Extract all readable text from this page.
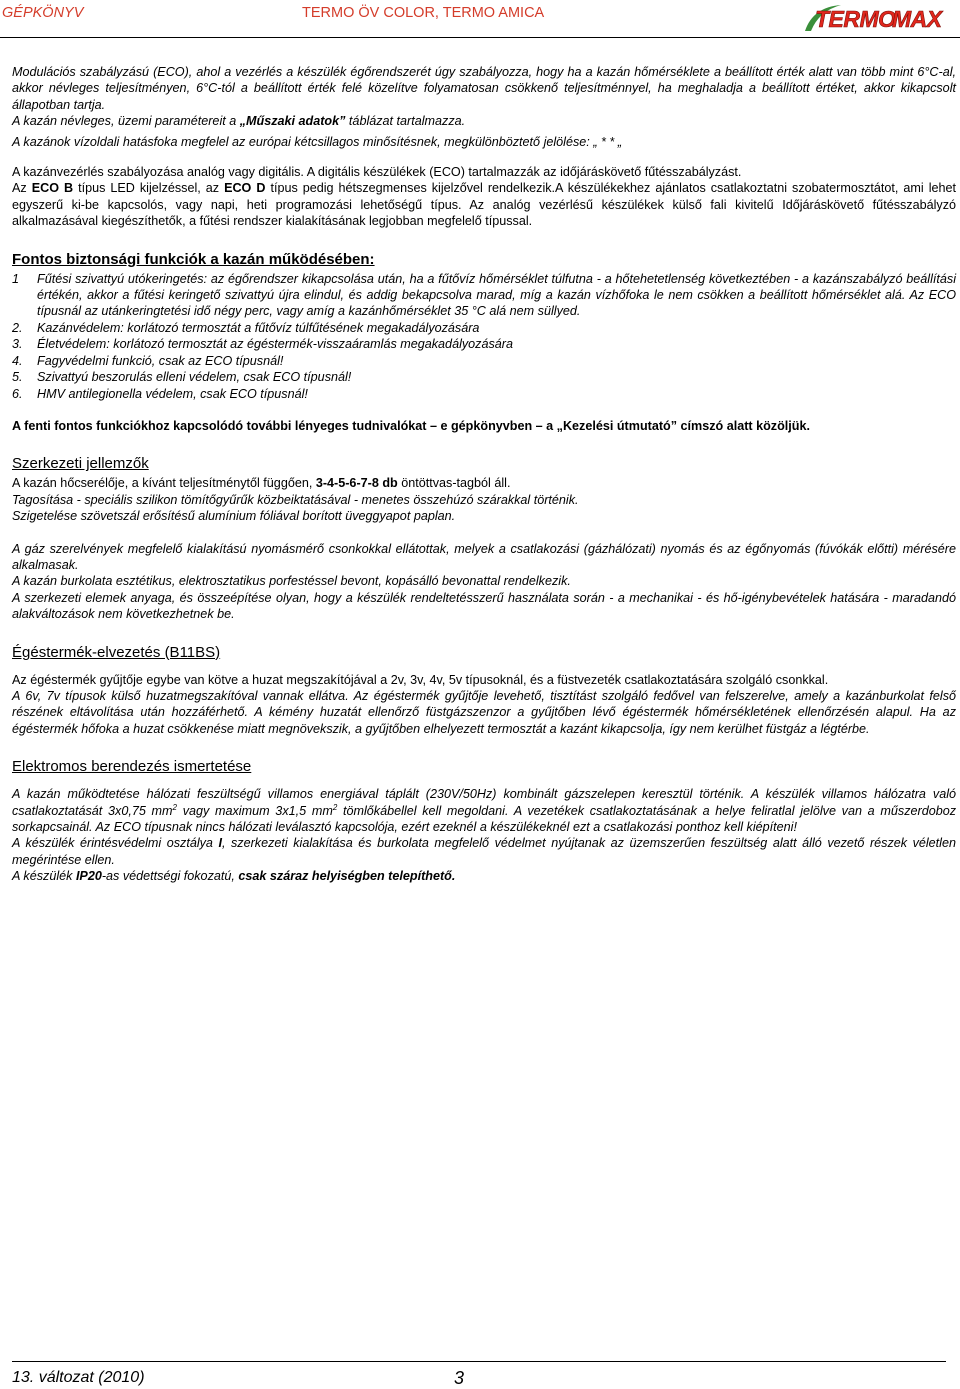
GÉPKÖNYV	TERMO ÖV COLOR, TERMO AMICA	TERMO
MAX

Modulációs szabályzású (ECO), ahol a vezérlés a készülék égőrendszerét úgy szabályozza, hogy ha a kazán hőmérséklete a beállított érték alatt van több mint 6°C-al, akkor névleges teljesítményen, 6°C-tól a beállított érték felé közelítve folyamatosan csökkenő teljesítménnyel, ha meghaladja a beállított értéket, akkor kikapcsolt állapotban tartja.

A kazán névleges, üzemi paramétereit a „Műszaki adatok” táblázat tartalmazza.

A kazánok vízoldali hatásfoka megfelel az európai kétcsillagos minősítésnek, megkülönböztető jelölése: „ * * „

A kazánvezérlés szabályozása analóg vagy digitális. A digitális készülékek (ECO) tartalmazzák az időjáráskövető fűtésszabályzást.

Az ECO B típus LED kijelzéssel, az ECO D típus pedig hétszegmenses kijelzővel rendelkezik.A készülékekhez ajánlatos csatlakoztatni szobatermosztátot, ami lehet egyszerű ki-be kapcsolós, vagy napi, heti programozási lehetőségű típus. Az analóg vezérlésű készülékek külső fali kivitelű Időjáráskövető fűtésszabályzó alkalmazásával kiegészíthetők, a fűtési rendszer kialakításának legjobban megfelelő típussal.

Fontos biztonsági funkciók a kazán működésében:
1	Fűtési szivattyú utókeringetés: az égőrendszer kikapcsolása után, ha a fűtővíz hőmérséklet túlfutna - a hőtehetetlenség következtében - a kazánszabályzó beállítási értékén, akkor a fűtési keringető szivattyú újra elindul, és addig bekapcsolva marad, míg a kazán vízhőfoka le nem csökken a beállított hőmérséklet alá. Az ECO típusnál az utánkeringtetési idő négy perc, vagy amíg a kazánhőmérséklet 35 °C alá nem süllyed.
2.	Kazánvédelem: korlátozó termosztát a fűtővíz túlfűtésének megakadályozására
3.	Életvédelem: korlátozó termosztát az égéstermék-visszaáramlás megakadályozására
4.	Fagyvédelmi funkció, csak az ECO típusnál!
5.	Szivattyú beszorulás elleni védelem, csak ECO típusnál!
6.	HMV antilegionella védelem, csak ECO típusnál!

A fenti fontos funkciókhoz kapcsolódó további lényeges tudnivalókat – e gépkönyvben – a „Kezelési útmutató” címszó alatt közöljük.

Szerkezeti jellemzők

A kazán hőcserélője, a kívánt teljesítménytől függően, 3-4-5-6-7-8 db öntöttvas-tagból áll.

Tagosítása - speciális szilikon tömítőgyűrűk közbeiktatásával - menetes összehúzó szárakkal történik.

Szigetelése szövetszál erősítésű alumínium fóliával borított üveggyapot paplan.

A gáz szerelvények megfelelő kialakítású nyomásmérő csonkokkal ellátottak, melyek a csatlakozási (gázhálózati) nyomás és az égőnyomás (fúvókák előtti) mérésére alkalmasak.

A kazán burkolata esztétikus, elektrosztatikus porfestéssel bevont, kopásálló bevonattal rendelkezik.

A szerkezeti elemek anyaga, és összeépítése olyan, hogy a készülék rendeltetésszerű használata során - a mechanikai - és hő-igénybevételek hatására - maradandó alakváltozások nem következhetnek be.

Égéstermék-elvezetés (B11BS)

Az égéstermék gyűjtője egybe van kötve a huzat megszakítójával a 2v, 3v, 4v, 5v típusoknál, és a füstvezeték csatlakoztatására szolgáló csonkkal.

A 6v, 7v típusok külső huzatmegszakítóval vannak ellátva. Az égéstermék gyűjtője levehető, tisztítást szolgáló fedővel van felszerelve, amely a kazánburkolat felső részének eltávolítása után hozzáférhető. A kémény huzatát ellenőrző füstgázszenzor a gyűjtőben lévő égéstermék hőmérsékletének ellenőrzésén alapul. Ha az égéstermék hőfoka a huzat csökkenése miatt megnövekszik, a gyűjtőben elhelyezett termosztát a kazánt kikapcsolja, így nem kerülhet füstgáz a légtérbe.

Elektromos berendezés ismertetése

A kazán működtetése hálózati feszültségű villamos energiával táplált (230V/50Hz) kombinált gázszelepen keresztül történik. A készülék villamos hálózatra való csatlakoztatását 3x0,75 $mm^2$ vagy maximum 3x1,5 $mm^2$ tömlőkábellel kell megoldani. A vezetékek csatlakoztatásának a helye feliratlal jelölve van a műszerdoboz sorkapcsainál. Az ECO típusnak nincs hálózati leválasztó kapcsolója, ezért ezeknél a készülékeknél ezt a csatlakozási ponthoz kell kiépíteni!

A készülék érintésvédelmi osztálya I, szerkezeti kialakítása és burkolata megfelelő védelmet nyújtanak az üzemszerűen feszültség alatt álló vezető részek véletlen megérintése ellen.

A készülék IP20-as védettségi fokozatú, csak száraz helyiségben telepíthető.

13. változat (2010)	3
